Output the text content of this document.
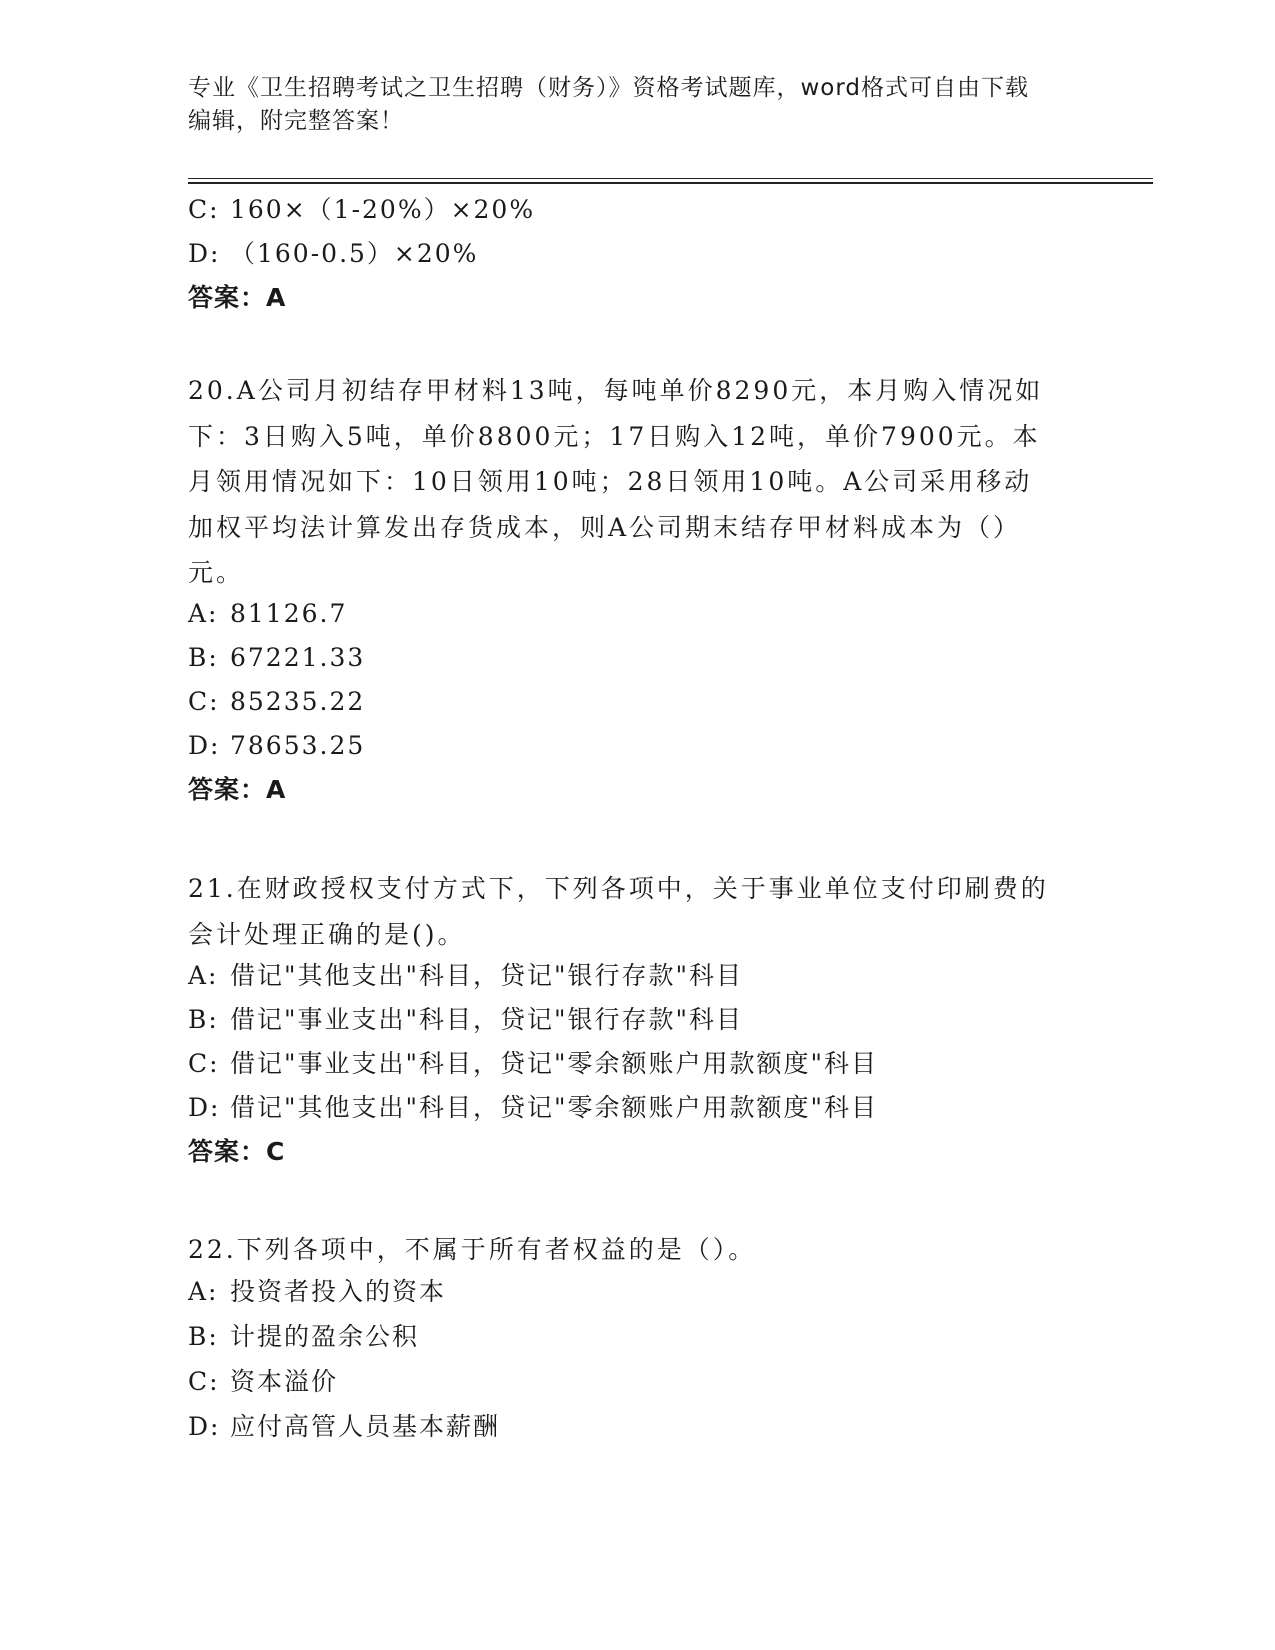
专业《卫生招聘考试之卫生招聘（财务）》资格考试题库，word格式可自由下载
编辑，附完整答案！
C: 160×（1-20%）×20%
D: （160-0.5）×20%
答案：A
20.A公司月初结存甲材料13吨，每吨单价8290元，本月购入情况如
下：3日购入5吨，单价8800元；17日购入12吨，单价7900元。本
月领用情况如下：10日领用10吨；28日领用10吨。A公司采用移动
加权平均法计算发出存货成本，则A公司期末结存甲材料成本为（）
元。
A: 81126.7
B: 67221.33
C: 85235.22
D: 78653.25
答案：A
21.在财政授权支付方式下，下列各项中，关于事业单位支付印刷费的
会计处理正确的是()。
A: 借记"其他支出"科目，贷记"银行存款"科目
B: 借记"事业支出"科目，贷记"银行存款"科目
C: 借记"事业支出"科目，贷记"零余额账户用款额度"科目
D: 借记"其他支出"科目，贷记"零余额账户用款额度"科目
答案：C
22.下列各项中，不属于所有者权益的是（）。
A: 投资者投入的资本
B: 计提的盈余公积
C: 资本溢价
D: 应付高管人员基本薪酬
